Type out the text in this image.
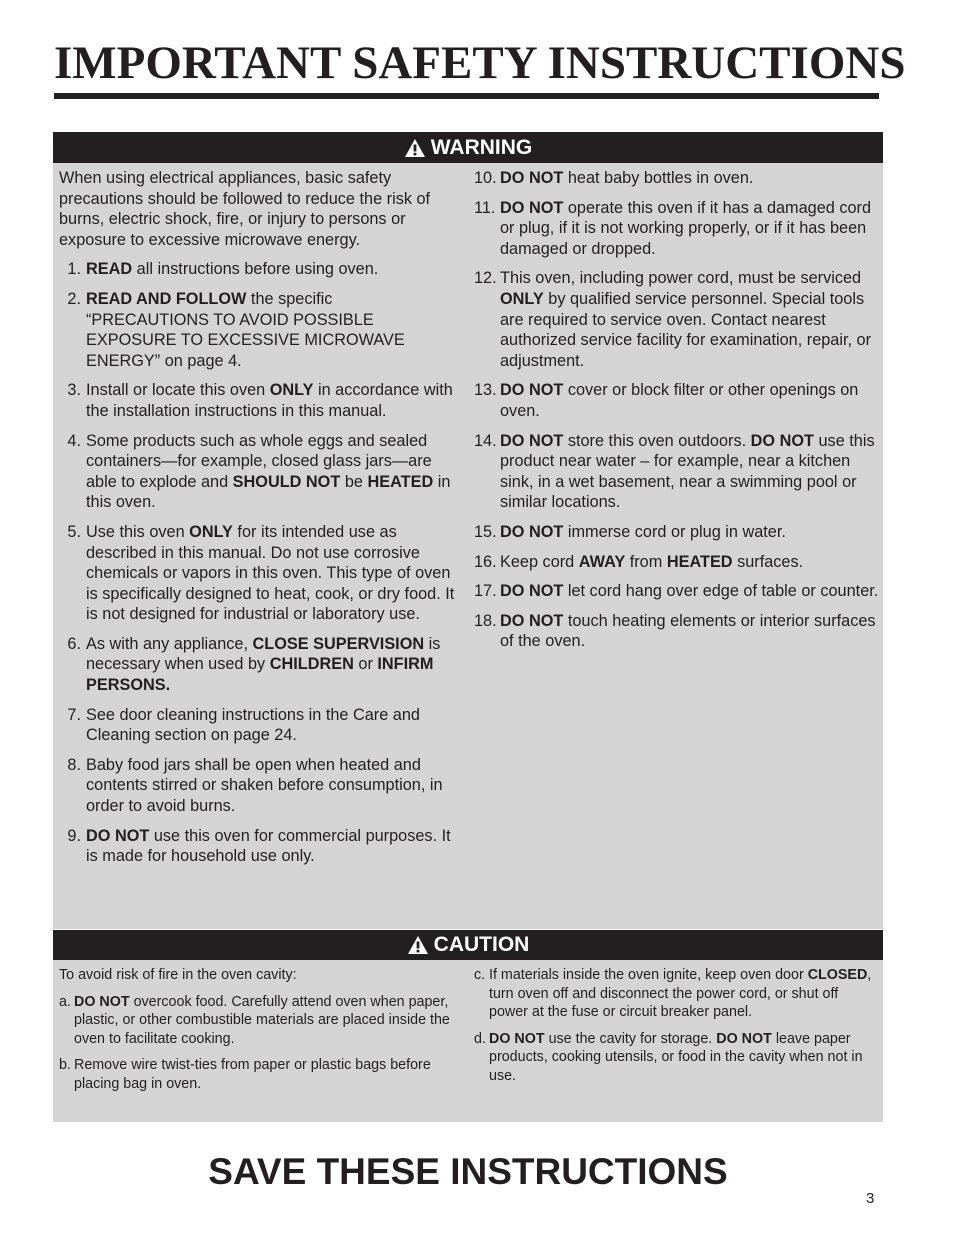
IMPORTANT SAFETY INSTRUCTIONS
WARNING

When using electrical appliances, basic safety precautions should be followed to reduce the risk of burns, electric shock, fire, or injury to persons or exposure to excessive microwave energy.

1. READ all instructions before using oven.
2. READ AND FOLLOW the specific “PRECAUTIONS TO AVOID POSSIBLE EXPOSURE TO EXCESSIVE MICROWAVE ENERGY” on page 4.
3. Install or locate this oven ONLY in accordance with the installation instructions in this manual.
4. Some products such as whole eggs and sealed containers—for example, closed glass jars—are able to explode and SHOULD NOT be HEATED in this oven.
5. Use this oven ONLY for its intended use as described in this manual. Do not use corrosive chemicals or vapors in this oven. This type of oven is specifically designed to heat, cook, or dry food. It is not designed for industrial or laboratory use.
6. As with any appliance, CLOSE SUPERVISION is necessary when used by CHILDREN or INFIRM PERSONS.
7. See door cleaning instructions in the Care and Cleaning section on page 24.
8. Baby food jars shall be open when heated and contents stirred or shaken before consumption, in order to avoid burns.
9. DO NOT use this oven for commercial purposes. It is made for household use only.
10. DO NOT heat baby bottles in oven.
11. DO NOT operate this oven if it has a damaged cord or plug, if it is not working properly, or if it has been damaged or dropped.
12. This oven, including power cord, must be serviced ONLY by qualified service personnel. Special tools are required to service oven. Contact nearest authorized service facility for examination, repair, or adjustment.
13. DO NOT cover or block filter or other openings on oven.
14. DO NOT store this oven outdoors. DO NOT use this product near water – for example, near a kitchen sink, in a wet basement, near a swimming pool or similar locations.
15. DO NOT immerse cord or plug in water.
16. Keep cord AWAY from HEATED surfaces.
17. DO NOT let cord hang over edge of table or counter.
18. DO NOT touch heating elements or interior surfaces of the oven.
CAUTION

To avoid risk of fire in the oven cavity:

a. DO NOT overcook food. Carefully attend oven when paper, plastic, or other combustible materials are placed inside the oven to facilitate cooking.
b. Remove wire twist-ties from paper or plastic bags before placing bag in oven.
c. If materials inside the oven ignite, keep oven door CLOSED, turn oven off and disconnect the power cord, or shut off power at the fuse or circuit breaker panel.
d. DO NOT use the cavity for storage. DO NOT leave paper products, cooking utensils, or food in the cavity when not in use.
SAVE THESE INSTRUCTIONS
3
